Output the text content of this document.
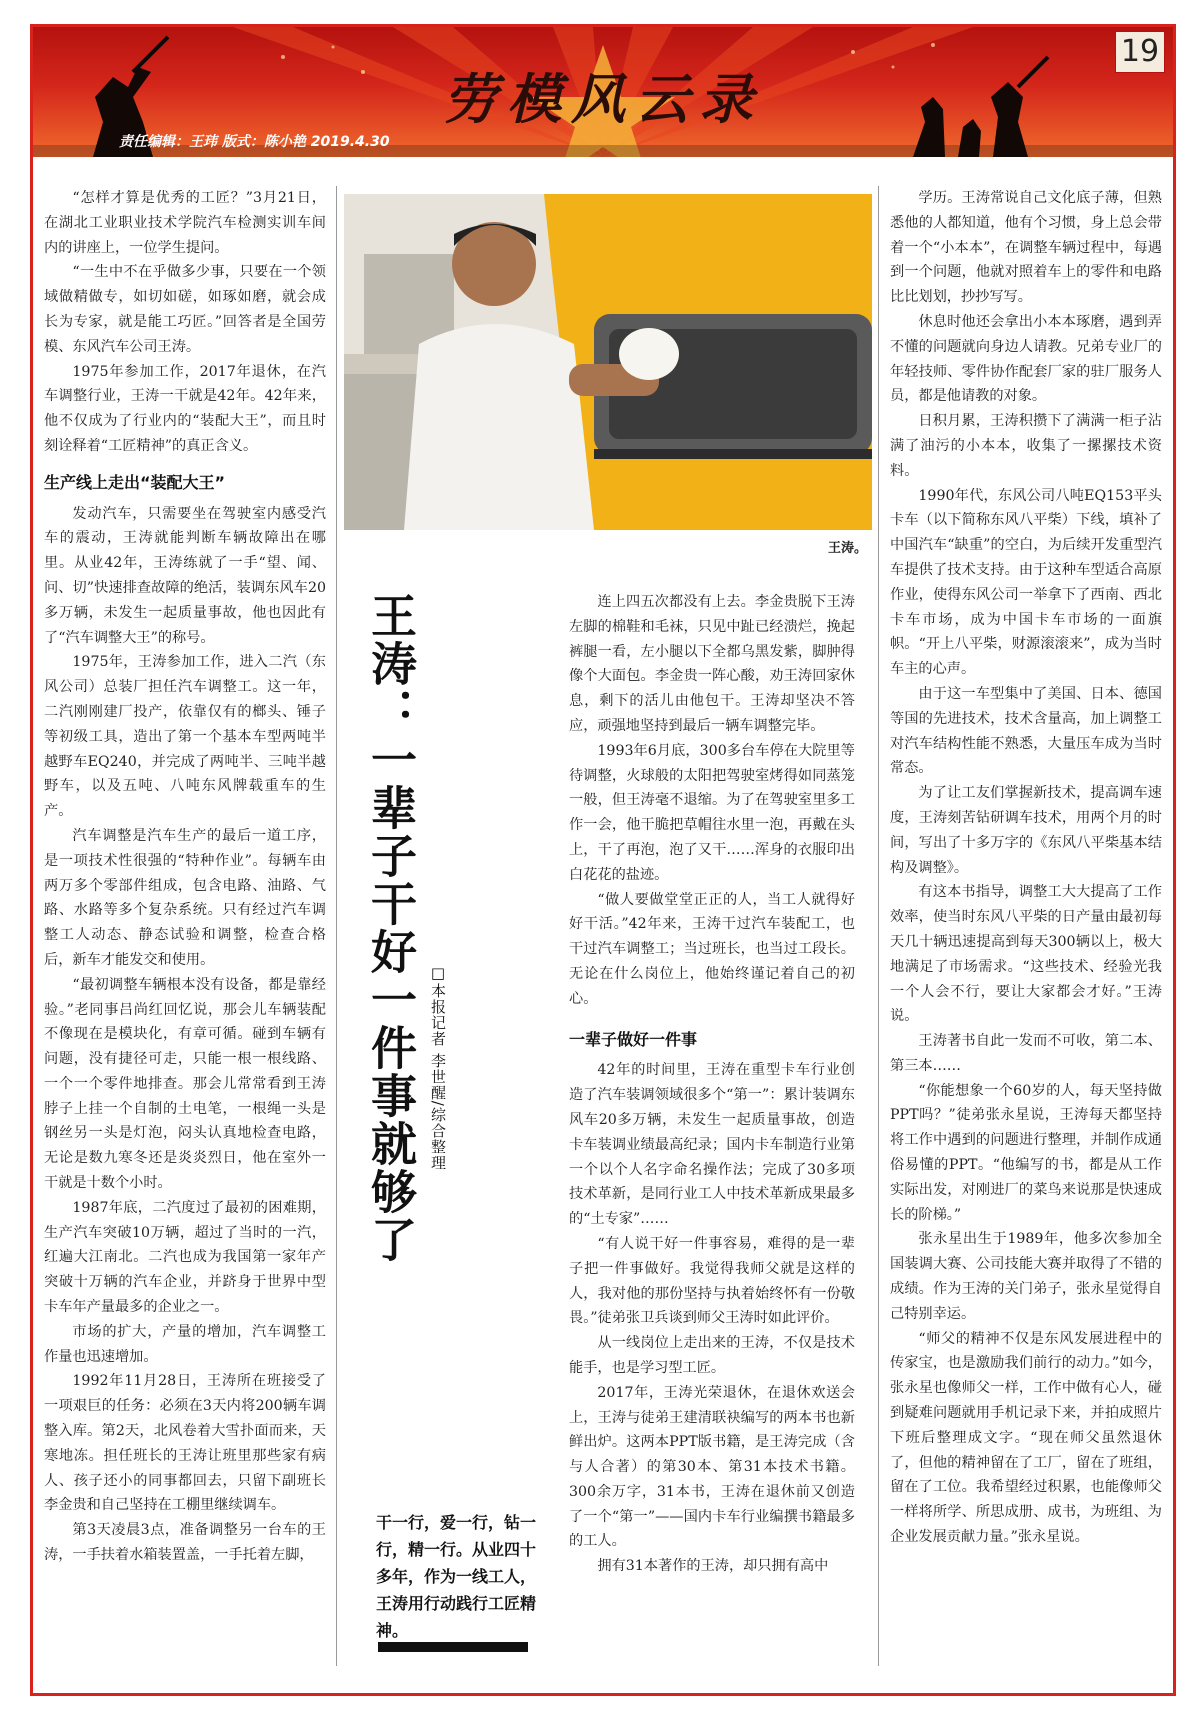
劳模风云录
责任编辑：王玮 版式：陈小艳 2019.4.30
19

“怎样才算是优秀的工匠？”3月21日，在湖北工业职业技术学院汽车检测实训车间内的讲座上，一位学生提问。

“一生中不在乎做多少事，只要在一个领域做精做专，如切如磋，如琢如磨，就会成长为专家，就是能工巧匠。”回答者是全国劳模、东风汽车公司王涛。

1975年参加工作，2017年退休，在汽车调整行业，王涛一干就是42年。42年来，他不仅成为了行业内的“装配大王”，而且时刻诠释着“工匠精神”的真正含义。

生产线上走出“装配大王”

发动汽车，只需要坐在驾驶室内感受汽车的震动，王涛就能判断车辆故障出在哪里。从业42年，王涛练就了一手“望、闻、问、切”快速排查故障的绝活，装调东风车20多万辆，未发生一起质量事故，他也因此有了“汽车调整大王”的称号。

1975年，王涛参加工作，进入二汽（东风公司）总装厂担任汽车调整工。这一年，二汽刚刚建厂投产，依靠仅有的榔头、锤子等初级工具，造出了第一个基本车型两吨半越野车EQ240，并完成了两吨半、三吨半越野车，以及五吨、八吨东风牌载重车的生产。

汽车调整是汽车生产的最后一道工序，是一项技术性很强的“特种作业”。每辆车由两万多个零部件组成，包含电路、油路、气路、水路等多个复杂系统。只有经过汽车调整工人动态、静态试验和调整，检查合格后，新车才能发交和使用。

“最初调整车辆根本没有设备，都是靠经验。”老同事吕尚红回忆说，那会儿车辆装配不像现在是模块化，有章可循。碰到车辆有问题，没有捷径可走，只能一根一根线路、一个一个零件地排查。那会儿常常看到王涛脖子上挂一个自制的土电笔，一根绳一头是钢丝另一头是灯泡，闷头认真地检查电路，无论是数九寒冬还是炎炎烈日，他在室外一干就是十数个小时。

1987年底，二汽度过了最初的困难期，生产汽车突破10万辆，超过了当时的一汽，红遍大江南北。二汽也成为我国第一家年产突破十万辆的汽车企业，并跻身于世界中型卡车年产量最多的企业之一。

市场的扩大，产量的增加，汽车调整工作量也迅速增加。

1992年11月28日，王涛所在班接受了一项艰巨的任务：必须在3天内将200辆车调整入库。第2天，北风卷着大雪扑面而来，天寒地冻。担任班长的王涛让班里那些家有病人、孩子还小的同事都回去，只留下副班长李金贵和自己坚持在工棚里继续调车。

第3天凌晨3点，准备调整另一台车的王涛，一手扶着水箱装置盖，一手托着左脚，

王涛。
王涛：一辈子干好一件事就够了 □本报记者 李世醒/综合整理

连上四五次都没有上去。李金贵脱下王涛左脚的棉鞋和毛袜，只见中趾已经溃烂，挽起裤腿一看，左小腿以下全都乌黑发紫，脚肿得像个大面包。李金贵一阵心酸，劝王涛回家休息，剩下的活儿由他包干。王涛却坚决不答应，顽强地坚持到最后一辆车调整完毕。

1993年6月底，300多台车停在大院里等待调整，火球般的太阳把驾驶室烤得如同蒸笼一般，但王涛毫不退缩。为了在驾驶室里多工作一会，他干脆把草帽往水里一泡，再戴在头上，干了再泡，泡了又干……浑身的衣服印出白花花的盐迹。

“做人要做堂堂正正的人，当工人就得好好干活。”42年来，王涛干过汽车装配工，也干过汽车调整工；当过班长，也当过工段长。无论在什么岗位上，他始终谨记着自己的初心。

一辈子做好一件事

42年的时间里，王涛在重型卡车行业创造了汽车装调领域很多个“第一”：累计装调东风车20多万辆，未发生一起质量事故，创造卡车装调业绩最高纪录；国内卡车制造行业第一个以个人名字命名操作法；完成了30多项技术革新，是同行业工人中技术革新成果最多的“土专家”……

“有人说干好一件事容易，难得的是一辈子把一件事做好。我觉得我师父就是这样的人，我对他的那份坚持与执着始终怀有一份敬畏。”徒弟张卫兵谈到师父王涛时如此评价。

从一线岗位上走出来的王涛，不仅是技术能手，也是学习型工匠。

2017年，王涛光荣退休，在退休欢送会上，王涛与徒弟王建清联袂编写的两本书也新鲜出炉。这两本PPT版书籍，是王涛完成（含与人合著）的第30本、第31本技术书籍。300余万字，31本书，王涛在退休前又创造了一个“第一”——国内卡车行业编撰书籍最多的工人。

拥有31本著作的王涛，却只拥有高中

学历。王涛常说自己文化底子薄，但熟悉他的人都知道，他有个习惯，身上总会带着一个“小本本”，在调整车辆过程中，每遇到一个问题，他就对照着车上的零件和电路比比划划，抄抄写写。

休息时他还会拿出小本本琢磨，遇到弄不懂的问题就向身边人请教。兄弟专业厂的年轻技师、零件协作配套厂家的驻厂服务人员，都是他请教的对象。

日积月累，王涛积攒下了满满一柜子沾满了油污的小本本，收集了一摞摞技术资料。

1990年代，东风公司八吨EQ153平头卡车（以下简称东风八平柴）下线，填补了中国汽车“缺重”的空白，为后续开发重型汽车提供了技术支持。由于这种车型适合高原作业，使得东风公司一举拿下了西南、西北卡车市场，成为中国卡车市场的一面旗帜。“开上八平柴，财源滚滚来”，成为当时车主的心声。

由于这一车型集中了美国、日本、德国等国的先进技术，技术含量高，加上调整工对汽车结构性能不熟悉，大量压车成为当时常态。

为了让工友们掌握新技术，提高调车速度，王涛刻苦钻研调车技术，用两个月的时间，写出了十多万字的《东风八平柴基本结构及调整》。

有这本书指导，调整工大大提高了工作效率，使当时东风八平柴的日产量由最初每天几十辆迅速提高到每天300辆以上，极大地满足了市场需求。“这些技术、经验光我一个人会不行，要让大家都会才好。”王涛说。

王涛著书自此一发而不可收，第二本、第三本……

“你能想象一个60岁的人，每天坚持做PPT吗？”徒弟张永星说，王涛每天都坚持将工作中遇到的问题进行整理，并制作成通俗易懂的PPT。“他编写的书，都是从工作实际出发，对刚进厂的菜鸟来说那是快速成长的阶梯。”

张永星出生于1989年，他多次参加全国装调大赛、公司技能大赛并取得了不错的成绩。作为王涛的关门弟子，张永星觉得自己特别幸运。

“师父的精神不仅是东风发展进程中的传家宝，也是激励我们前行的动力。”如今，张永星也像师父一样，工作中做有心人，碰到疑难问题就用手机记录下来，并拍成照片下班后整理成文字。“现在师父虽然退休了，但他的精神留在了工厂，留在了班组，留在了工位。我希望经过积累，也能像师父一样将所学、所思成册、成书，为班组、为企业发展贡献力量。”张永星说。

干一行，爱一行，钻一行，精一行。从业四十多年，作为一线工人，王涛用行动践行工匠精神。
